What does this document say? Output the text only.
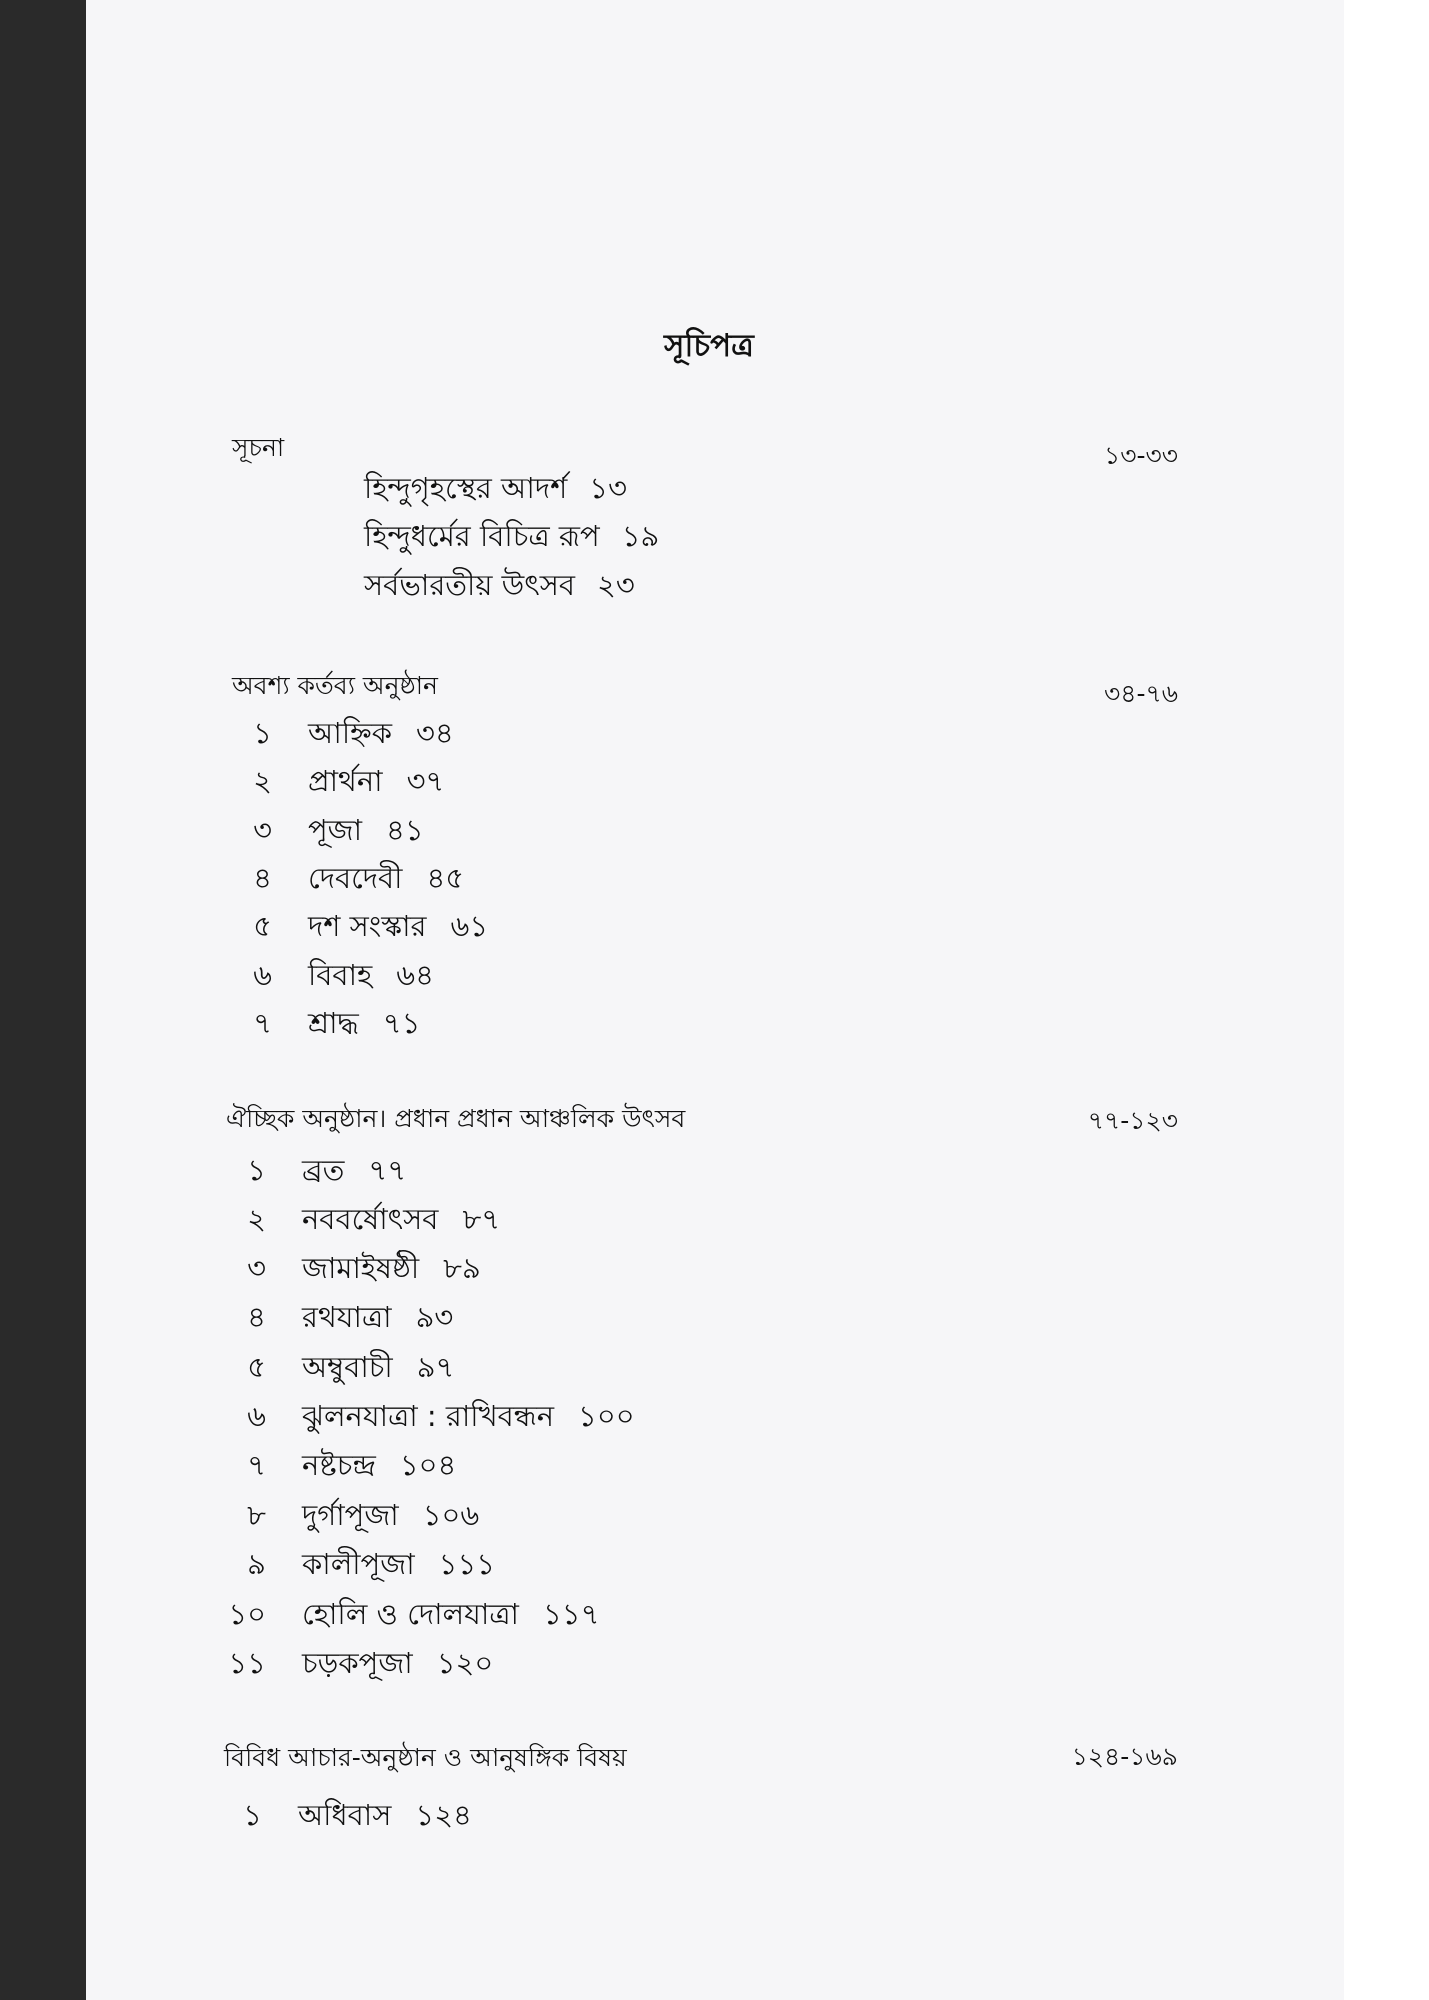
সূচিপত্র
সূচনা	১৩-৩৩
হিন্দুগৃহস্থের আদর্শ ১৩
হিন্দুধর্মের বিচিত্র রূপ ১৯
সর্বভারতীয় উৎসব ২৩
অবশ্য কর্তব্য অনুষ্ঠান	৩৪-৭৬
১ আহ্নিক ৩৪
২ প্রার্থনা ৩৭
৩ পূজা ৪১
৪ দেবদেবী ৪৫
৫ দশ সংস্কার ৬১
৬ বিবাহ ৬৪
৭ শ্রাদ্ধ ৭১
ঐচ্ছিক অনুষ্ঠান। প্রধান প্রধান আঞ্চলিক উৎসব	৭৭-১২৩
১ ব্রত ৭৭
২ নববর্ষোৎসব ৮৭
৩ জামাইষষ্ঠী ৮৯
৪ রথযাত্রা ৯৩
৫ অম্বুবাচী ৯৭
৬ ঝুলনযাত্রা : রাখিবন্ধন ১০০
৭ নষ্টচন্দ্র ১০৪
৮ দুর্গাপূজা ১০৬
৯ কালীপূজা ১১১
১০ হোলি ও দোলযাত্রা ১১৭
১১ চড়কপূজা ১২০
বিবিধ আচার-অনুষ্ঠান ও আনুষঙ্গিক বিষয়	১২৪-১৬৯
১ অধিবাস ১২৪
